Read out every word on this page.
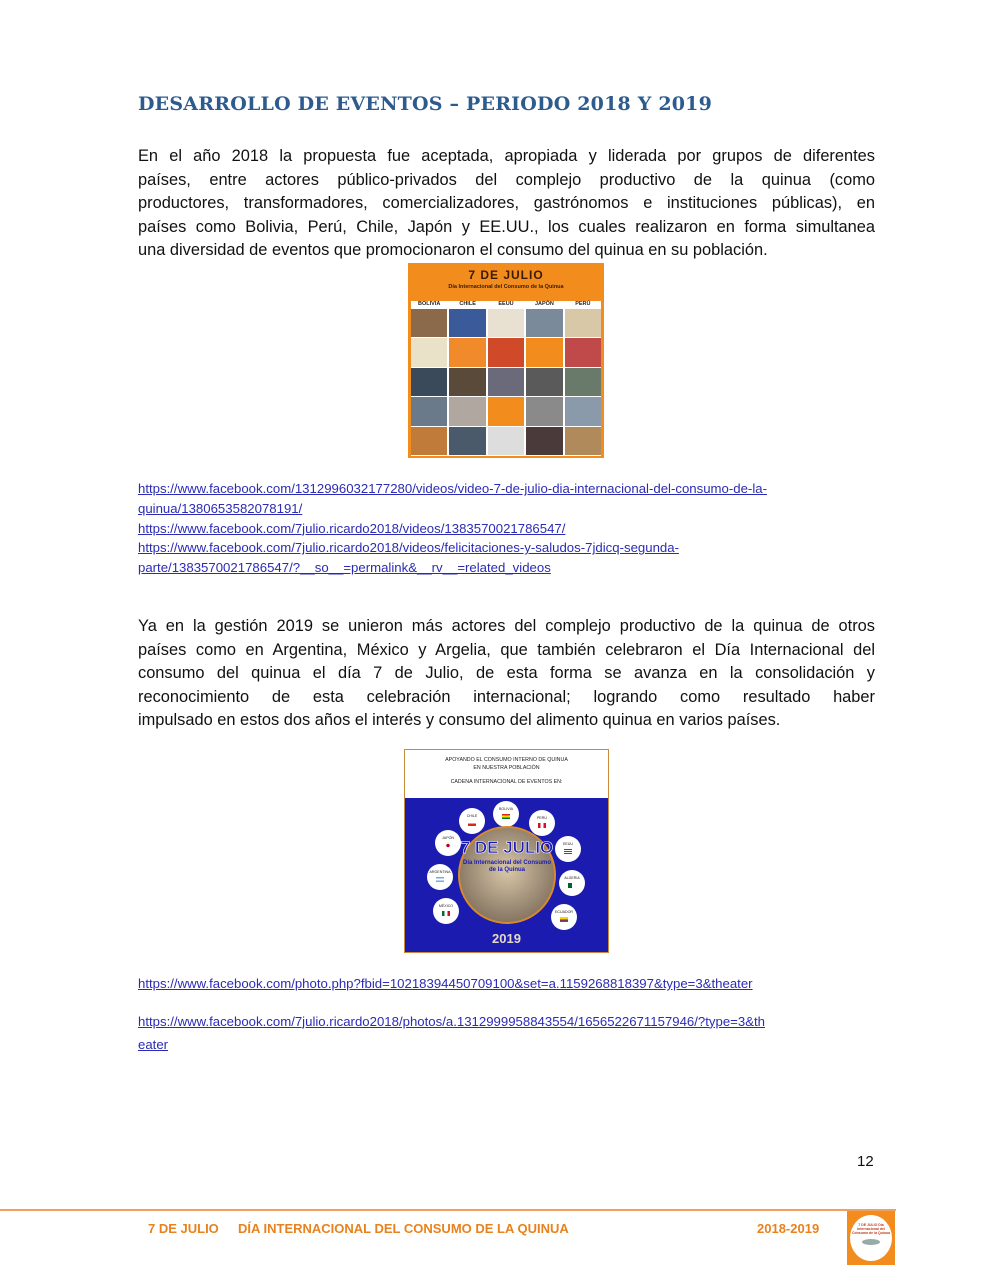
DESARROLLO DE EVENTOS – PERIODO 2018 Y 2019
En el año 2018 la propuesta fue aceptada, apropiada y liderada por grupos de diferentes
países, entre actores público-privados del complejo productivo de la quinua (como
productores, transformadores, comercializadores, gastrónomos e instituciones públicas), en
países como Bolivia, Perú, Chile, Japón y EE.UU., los cuales realizaron en forma simultanea
una diversidad de eventos que promocionaron el consumo del quinua en su población.
7 DE JULIO
Día Internacional del Consumo de la Quinua
BOLIVIA	CHILE	EEUU	JAPÓN	PERÚ
https://www.facebook.com/1312996032177280/videos/video-7-de-julio-dia-internacional-del-consumo-de-la-
quinua/1380653582078191/
https://www.facebook.com/7julio.ricardo2018/videos/1383570021786547/
https://www.facebook.com/7julio.ricardo2018/videos/felicitaciones-y-saludos-7jdicq-segunda-
parte/1383570021786547/?__so__=permalink&__rv__=related_videos
Ya en la gestión 2019 se unieron más actores del complejo productivo de la quinua de otros
países como en Argentina, México y Argelia, que también celebraron el Día Internacional del
consumo del quinua el día 7 de Julio, de esta forma se avanza en la consolidación y
reconocimiento de esta celebración internacional; logrando como resultado haber
impulsado en estos dos años el interés y consumo del alimento quinua en varios países.
APOYANDO EL CONSUMO INTERNO DE QUINUA
EN NUESTRA POBLACIÓN
CADENA INTERNACIONAL DE EVENTOS EN:
BOLIVIA
PERÚ
EEUU
ALGERIA
ECUADOR
MÉXICO
ARGENTINA
JAPÓN
CHILE
7 DE JULIO
Día Internacional del Consumo de la Quinua
2019
https://www.facebook.com/photo.php?fbid=10218394450709100&set=a.1159268818397&type=3&theater
https://www.facebook.com/7julio.ricardo2018/photos/a.1312999958843554/1656522671157946/?type=3&th
eater
12
7 DE JULIO DÍA INTERNACIONAL DEL CONSUMO DE LA QUINUA	2018-2019	7 DE JULIO Día Internacional del Consumo de la Quinua
